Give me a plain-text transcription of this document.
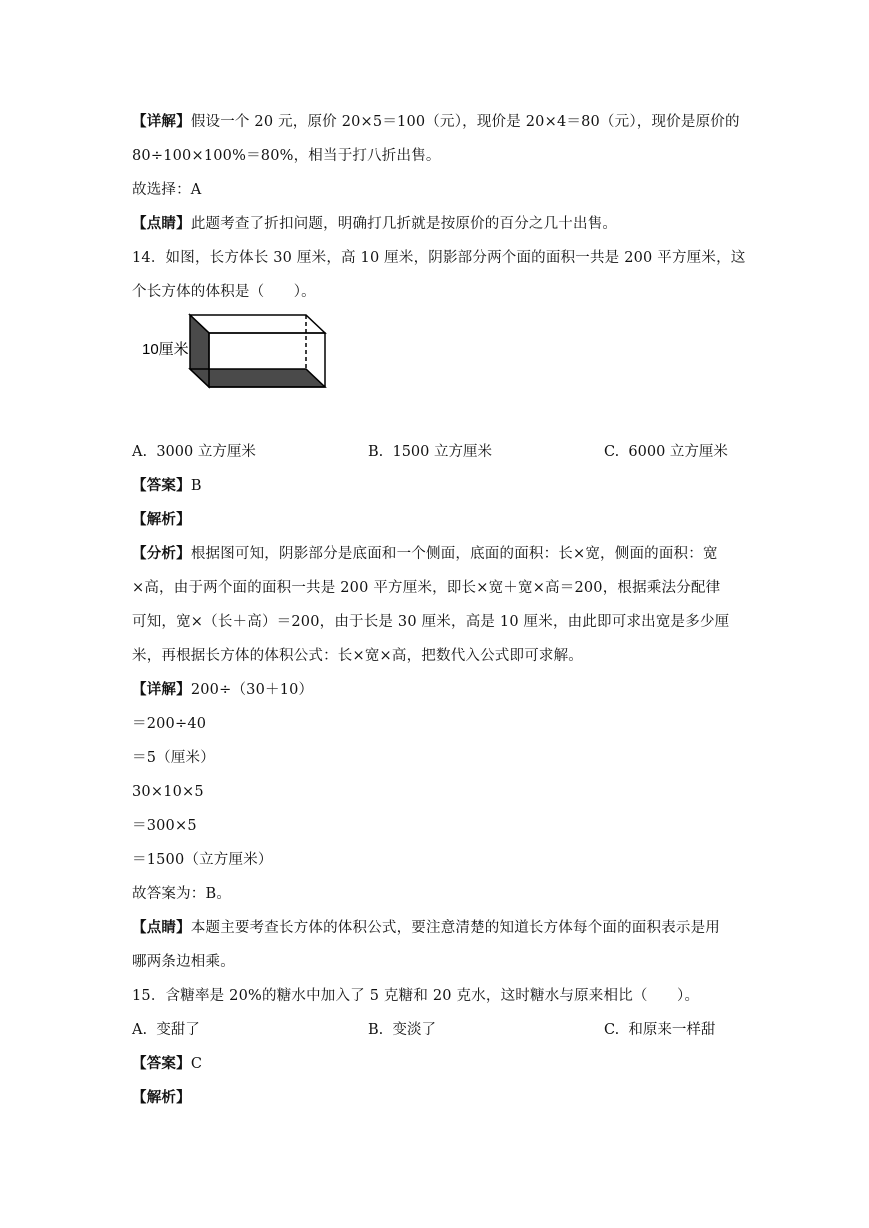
【详解】假设一个 20 元，原价 20×5＝100（元），现价是 20×4＝80（元），现价是原价的
80÷100×100%＝80%，相当于打八折出售。
故选择：A
【点睛】此题考查了折扣问题，明确打几折就是按原价的百分之几十出售。
14．如图，长方体长 30 厘米，高 10 厘米，阴影部分两个面的面积一共是 200 平方厘米，这
个长方体的体积是（　　）。
10厘米
A. 3000 立方厘米	B. 1500 立方厘米	C. 6000 立方厘米
【答案】B
【解析】
【分析】根据图可知，阴影部分是底面和一个侧面，底面的面积：长×宽，侧面的面积：宽
×高，由于两个面的面积一共是 200 平方厘米，即长×宽＋宽×高＝200，根据乘法分配律
可知，宽×（长＋高）＝200，由于长是 30 厘米，高是 10 厘米，由此即可求出宽是多少厘
米，再根据长方体的体积公式：长×宽×高，把数代入公式即可求解。
【详解】200÷（30＋10）
＝200÷40
＝5（厘米）
30×10×5
＝300×5
＝1500（立方厘米）
故答案为：B。
【点睛】本题主要考查长方体的体积公式，要注意清楚的知道长方体每个面的面积表示是用
哪两条边相乘。
15．含糖率是 20%的糖水中加入了 5 克糖和 20 克水，这时糖水与原来相比（　　）。
A. 变甜了	B. 变淡了	C. 和原来一样甜
【答案】C
【解析】
